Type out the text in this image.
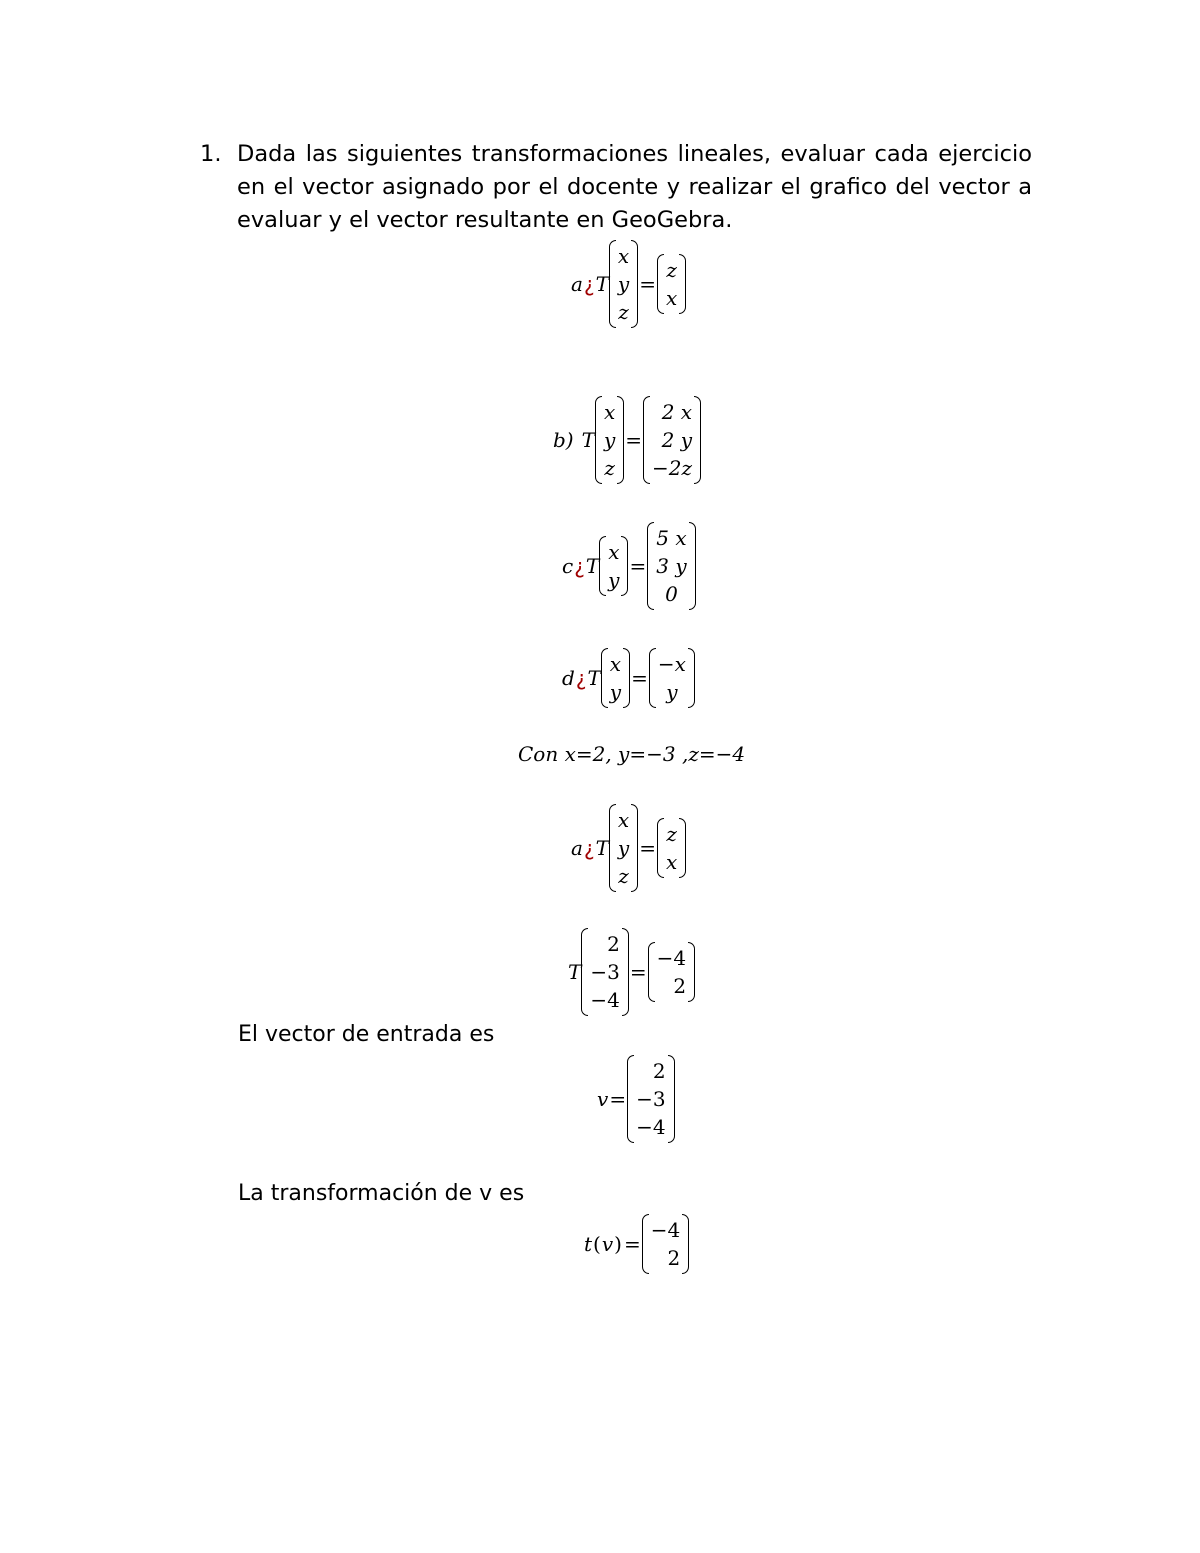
1. Dada las siguientes transformaciones lineales, evaluar cada ejercicio en el vector asignado por el docente y realizar el grafico del vector a evaluar y el vector resultante en GeoGebra.
a ¿ T
x
y
z
=
z
x
b) T
x
y
z
=
2 x
2 y
−2z
c ¿ T
x
y
=
5 x
3 y
0
d ¿ T
x
y
=
−x
y
Con x=2, y=−3 ,z=−4
a ¿ T
x
y
z
=
z
x
T
2
−3
−4
=
−4
2
El vector de entrada es
v =
2
−3
−4
La transformación de v es
t ( v ) =
−4
2
